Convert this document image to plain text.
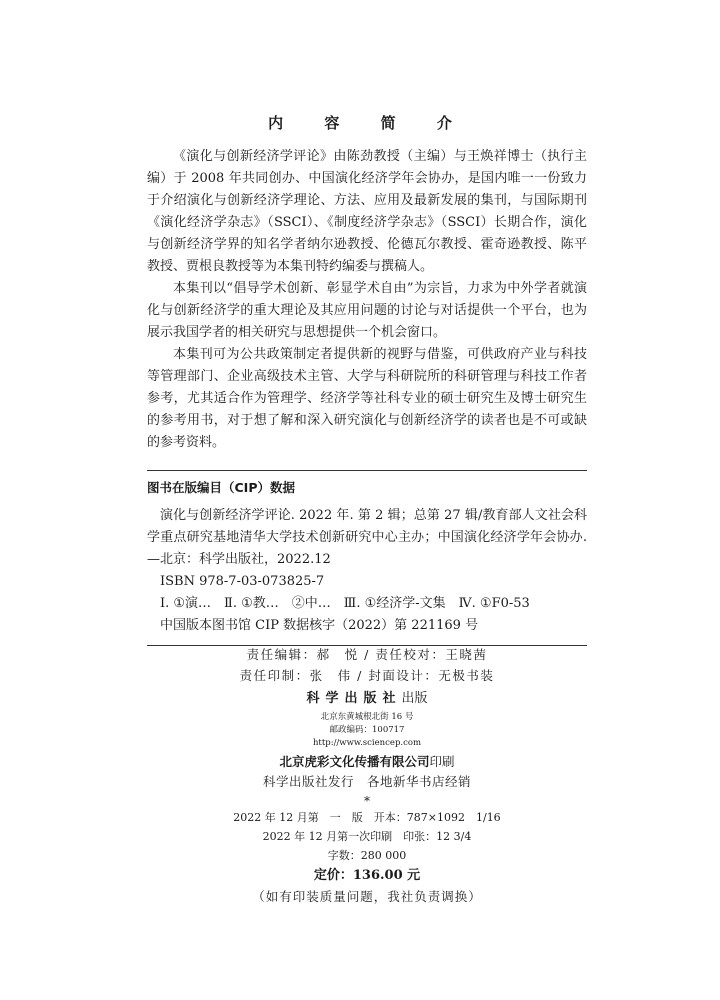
内 容 简 介

《演化与创新经济学评论》由陈劲教授（主编）与王焕祥博士（执行主编）于 2008 年共同创办、中国演化经济学年会协办，是国内唯一一份致力于介绍演化与创新经济学理论、方法、应用及最新发展的集刊，与国际期刊《演化经济学杂志》（SSCI）、《制度经济学杂志》（SSCI）长期合作，演化与创新经济学界的知名学者纳尔逊教授、伦德瓦尔教授、霍奇逊教授、陈平教授、贾根良教授等为本集刊特约编委与撰稿人。

本集刊以“倡导学术创新、彰显学术自由”为宗旨，力求为中外学者就演化与创新经济学的重大理论及其应用问题的讨论与对话提供一个平台，也为展示我国学者的相关研究与思想提供一个机会窗口。

本集刊可为公共政策制定者提供新的视野与借鉴，可供政府产业与科技等管理部门、企业高级技术主管、大学与科研院所的科研管理与科技工作者参考，尤其适合作为管理学、经济学等社科专业的硕士研究生及博士研究生的参考用书，对于想了解和深入研究演化与创新经济学的读者也是不可或缺的参考资料。

图书在版编目（CIP）数据
演化与创新经济学评论. 2022 年. 第 2 辑；总第 27 辑/教育部人文社会科学重点研究基地清华大学技术创新研究中心主办；中国演化经济学年会协办. —北京：科学出版社，2022.12
ISBN 978-7-03-073825-7
Ⅰ. ①演…　Ⅱ. ①教…　②中…　Ⅲ. ①经济学-文集　Ⅳ. ①F0-53
中国版本图书馆 CIP 数据核字（2022）第 221169 号
责任编辑：郝　悦 / 责任校对：王晓茜
责任印制：张　伟 / 封面设计：无极书装
科学出版社出版
北京东黄城根北街 16 号
邮政编码：100717
http://www.sciencep.com
北京虎彩文化传播有限公司印刷
科学出版社发行　各地新华书店经销
*
2022 年 12 月第　一　版　开本：787×1092　1/16
2022 年 12 月第一次印刷　印张：12 3/4
字数：280 000
定价：136.00 元
（如有印装质量问题，我社负责调换）
